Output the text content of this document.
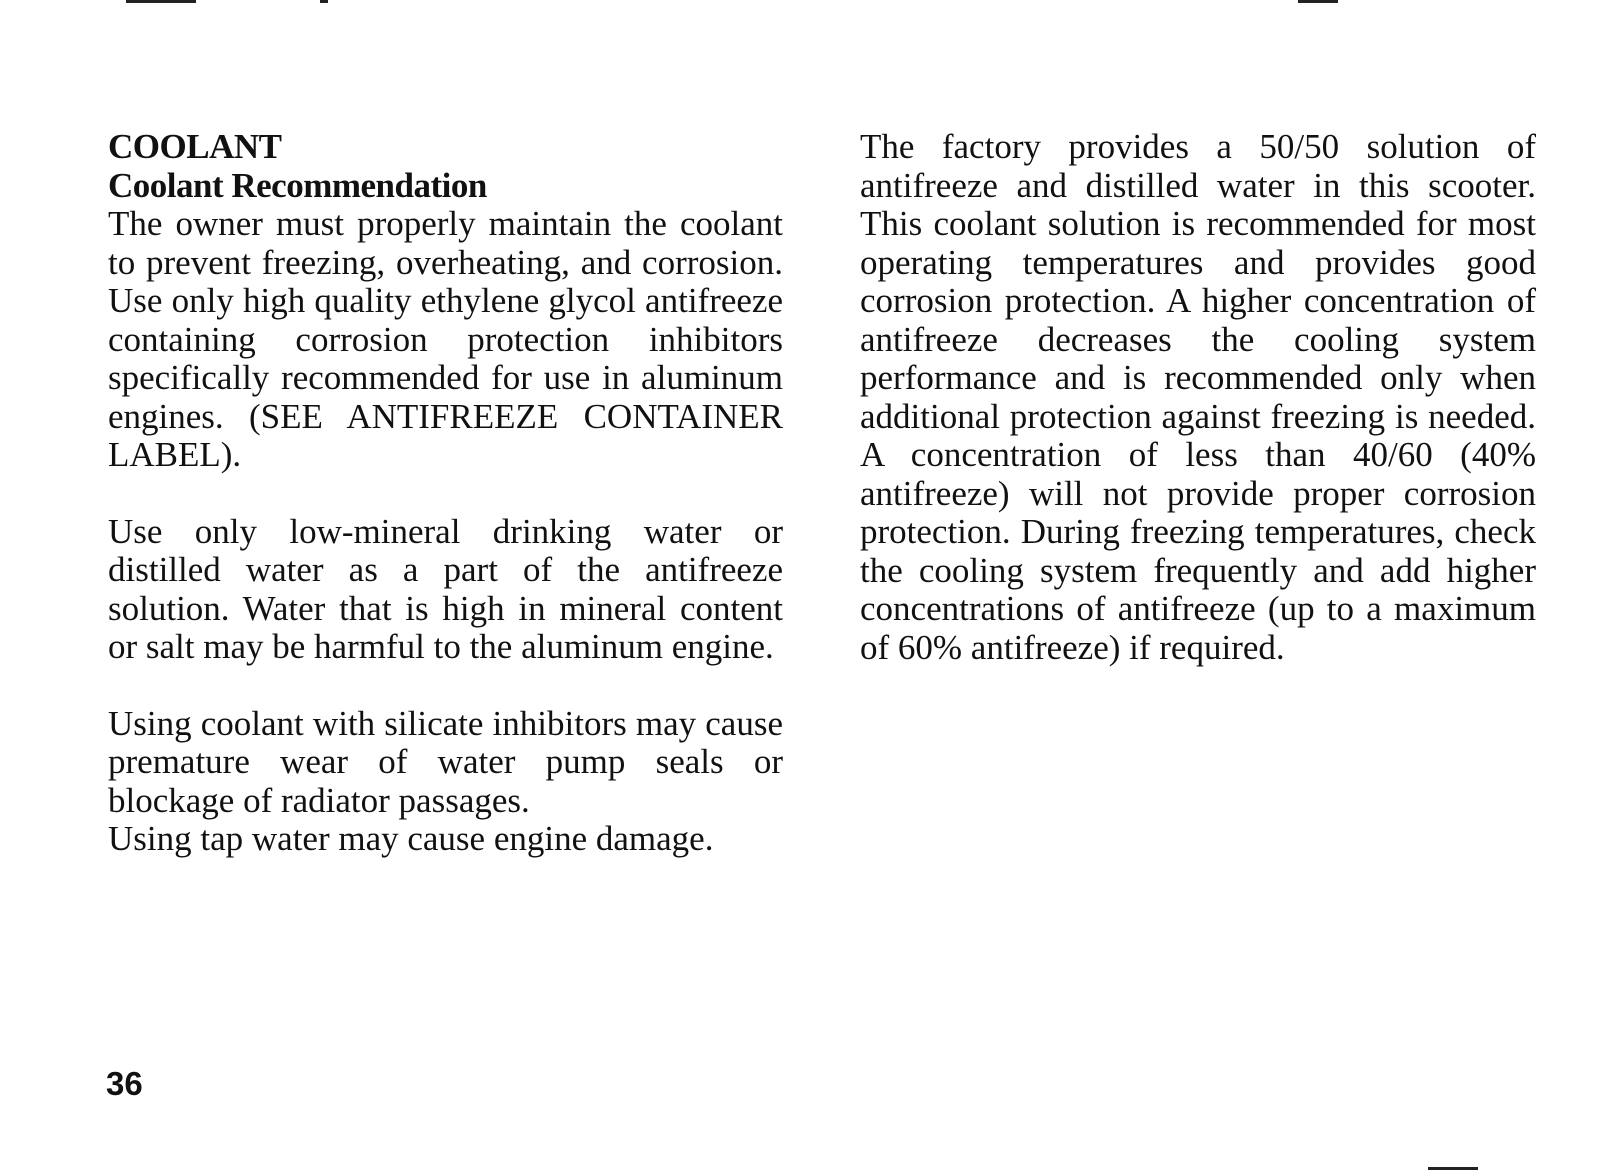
COOLANT
Coolant Recommendation

The owner must properly maintain the coolant to prevent freezing, overheating, and corrosion. Use only high quality ethylene glycol antifreeze containing corrosion protection inhibitors specifically recommended for use in aluminum engines. (SEE ANTIFREEZE CONTAINER LABEL).

Use only low-mineral drinking water or distilled water as a part of the antifreeze solution. Water that is high in mineral content or salt may be harmful to the aluminum engine.

Using coolant with silicate inhibitors may cause premature wear of water pump seals or blockage of radiator passages.

Using tap water may cause engine damage.

The factory provides a 50/50 solution of antifreeze and distilled water in this scooter. This coolant solution is recommended for most operating temperatures and provides good corrosion protection. A higher concentration of antifreeze decreases the cooling system performance and is recommended only when additional protection against freezing is needed. A concentration of less than 40/60 (40% antifreeze) will not provide proper corrosion protection. During freezing temperatures, check the cooling system frequently and add higher concentrations of antifreeze (up to a maximum of 60% antifreeze) if required.

36
